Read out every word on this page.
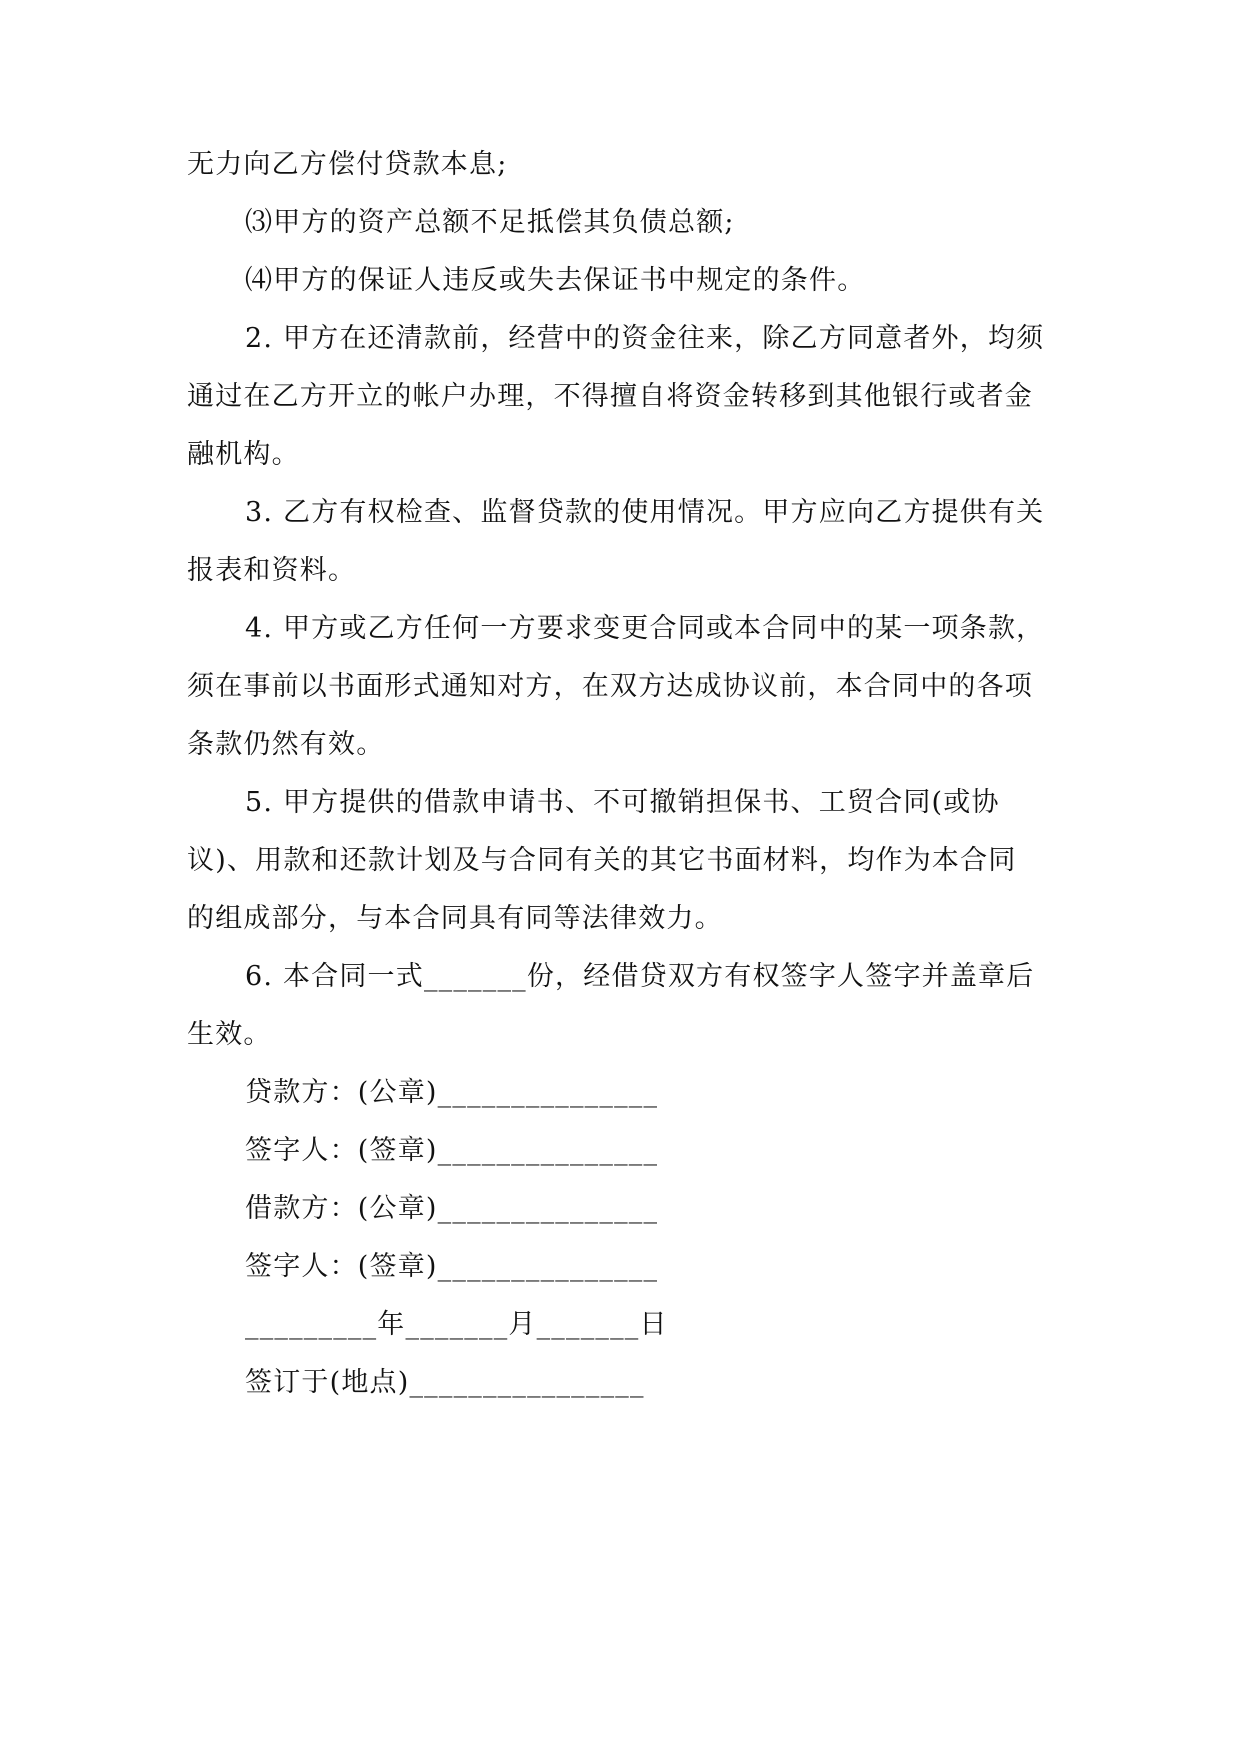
无力向乙方偿付贷款本息;
⑶甲方的资产总额不足抵偿其负债总额;
⑷甲方的保证人违反或失去保证书中规定的条件。
2. 甲方在还清款前，经营中的资金往来，除乙方同意者外，均须
通过在乙方开立的帐户办理，不得擅自将资金转移到其他银行或者金
融机构。
3. 乙方有权检查、监督贷款的使用情况。甲方应向乙方提供有关
报表和资料。
4. 甲方或乙方任何一方要求变更合同或本合同中的某一项条款，
须在事前以书面形式通知对方，在双方达成协议前，本合同中的各项
条款仍然有效。
5. 甲方提供的借款申请书、不可撤销担保书、工贸合同(或协
议)、用款和还款计划及与合同有关的其它书面材料，均作为本合同
的组成部分，与本合同具有同等法律效力。
6. 本合同一式_______份，经借贷双方有权签字人签字并盖章后
生效。
贷款方：(公章)_______________
签字人：(签章)_______________
借款方：(公章)_______________
签字人：(签章)_______________
_________年_______月_______日
签订于(地点)________________
